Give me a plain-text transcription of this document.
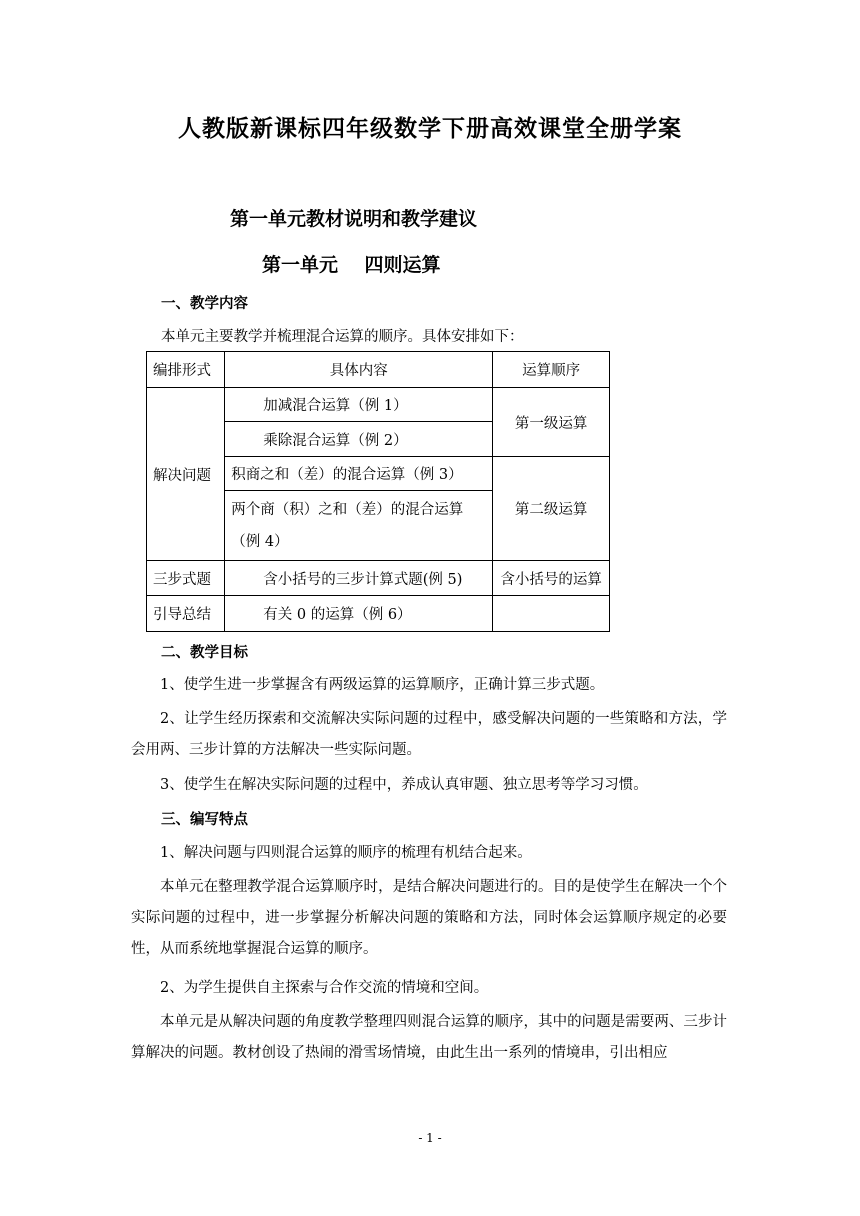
人教版新课标四年级数学下册高效课堂全册学案
第一单元教材说明和教学建议
第一单元    四则运算
一、教学内容
本单元主要教学并梳理混合运算的顺序。具体安排如下：
编排形式	具体内容	运算顺序
解决问题	加减混合运算（例 1）	第一级运算
	乘除混合运算（例 2）	
	积商之和（差）的混合运算（例 3）	第二级运算
	两个商（积）之和（差）的混合运算（例 4）	
三步式题	含小括号的三步计算式题(例 5)	含小括号的运算
引导总结	有关 0 的运算（例 6）	
二、教学目标
1、使学生进一步掌握含有两级运算的运算顺序，正确计算三步式题。
2、让学生经历探索和交流解决实际问题的过程中，感受解决问题的一些策略和方法，学会用两、三步计算的方法解决一些实际问题。
3、使学生在解决实际问题的过程中，养成认真审题、独立思考等学习习惯。
三、编写特点
1、解决问题与四则混合运算的顺序的梳理有机结合起来。
本单元在整理教学混合运算顺序时，是结合解决问题进行的。目的是使学生在解决一个个实际问题的过程中，进一步掌握分析解决问题的策略和方法，同时体会运算顺序规定的必要性，从而系统地掌握混合运算的顺序。
2、为学生提供自主探索与合作交流的情境和空间。
本单元是从解决问题的角度教学整理四则混合运算的顺序，其中的问题是需要两、三步计算解决的问题。教材创设了热闹的滑雪场情境，由此生出一系列的情境串，引出相应
- 1 -
